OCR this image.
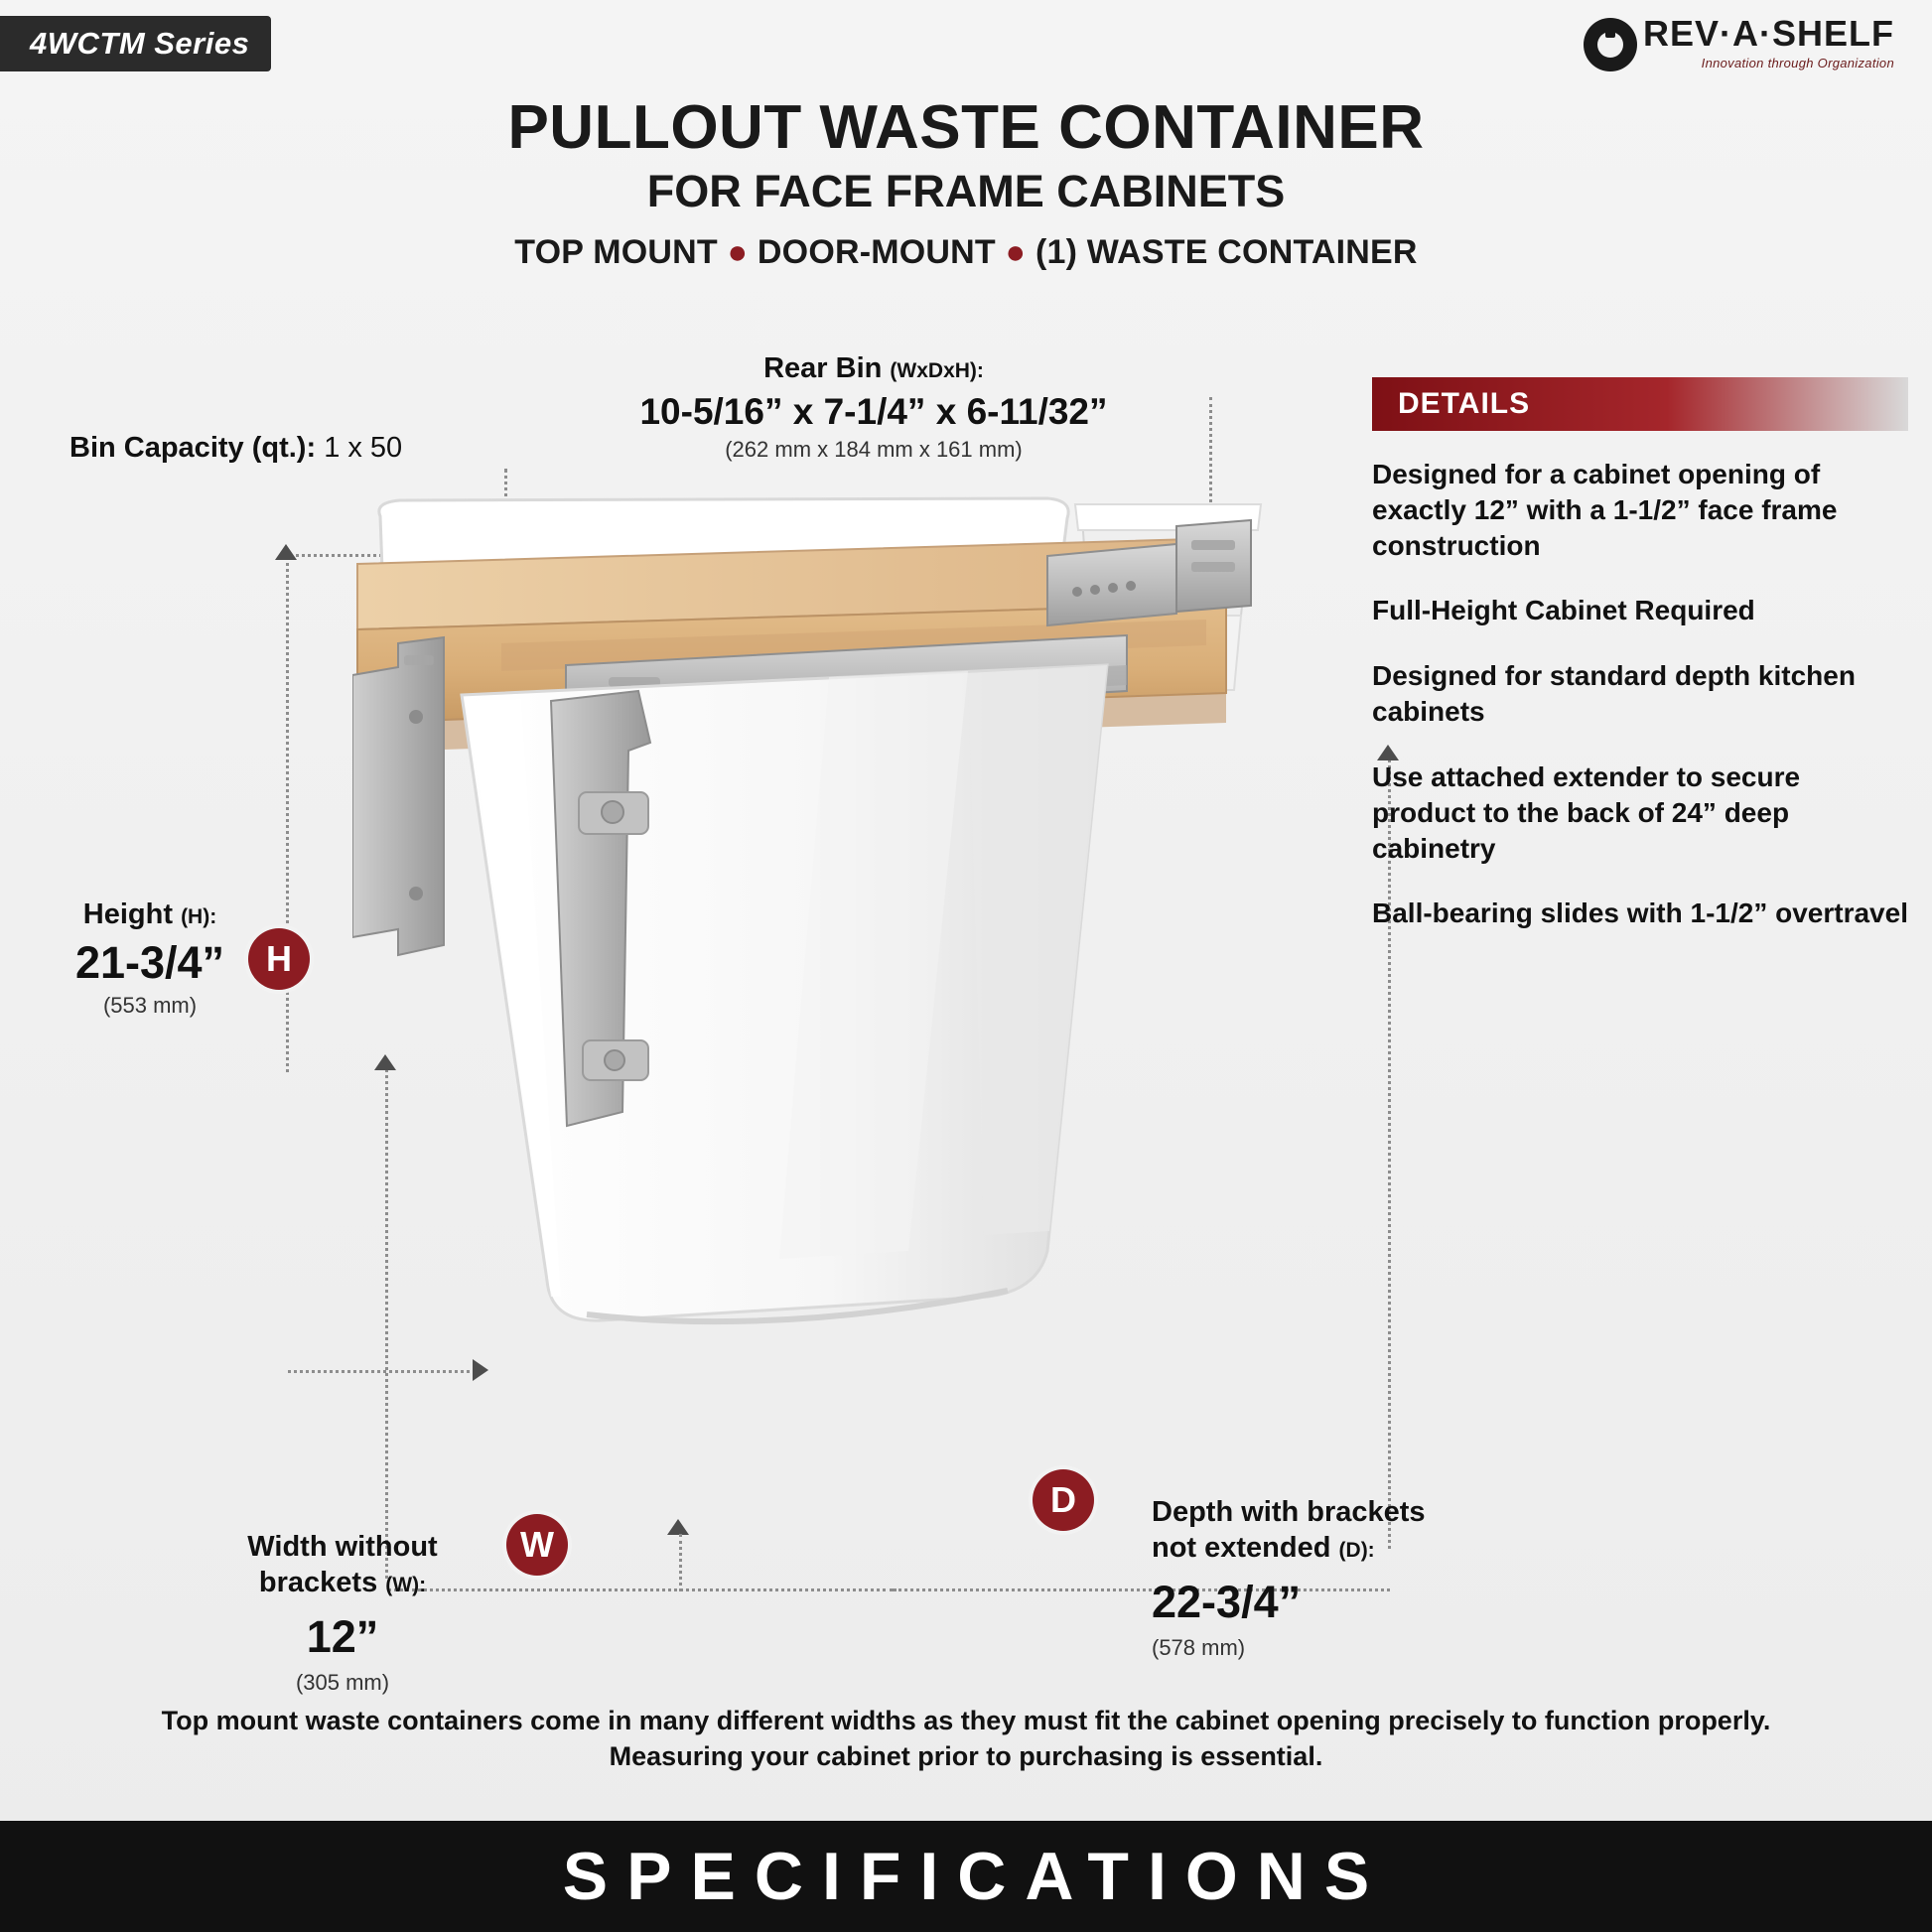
4WCTM Series	REV·A·SHELF
Innovation through Organization
PULLOUT WASTE CONTAINER
FOR FACE FRAME CABINETS
TOP MOUNT ● DOOR-MOUNT ● (1) WASTE CONTAINER
Bin Capacity (qt.): 1 x 50
Rear Bin (WxDxH):
10-5/16” x 7-1/4” x 6-11/32”
(262 mm x 184 mm x 161 mm)
Height (H):
21-3/4”
(553 mm)
Width without
brackets (W):
12”
(305 mm)
Depth with brackets
not extended (D):
22-3/4”
(578 mm)
H
W
D
DETAILS
Designed for a cabinet opening of exactly 12” with a 1-1/2” face frame construction
Full-Height Cabinet Required
Designed for standard depth kitchen cabinets
Use attached extender to secure product to the back of 24” deep cabinetry
Ball-bearing slides with 1-1/2” overtravel
Top mount waste containers come in many different widths as they must fit the cabinet opening precisely to function properly. Measuring your cabinet prior to purchasing is essential.
SPECIFICATIONS
